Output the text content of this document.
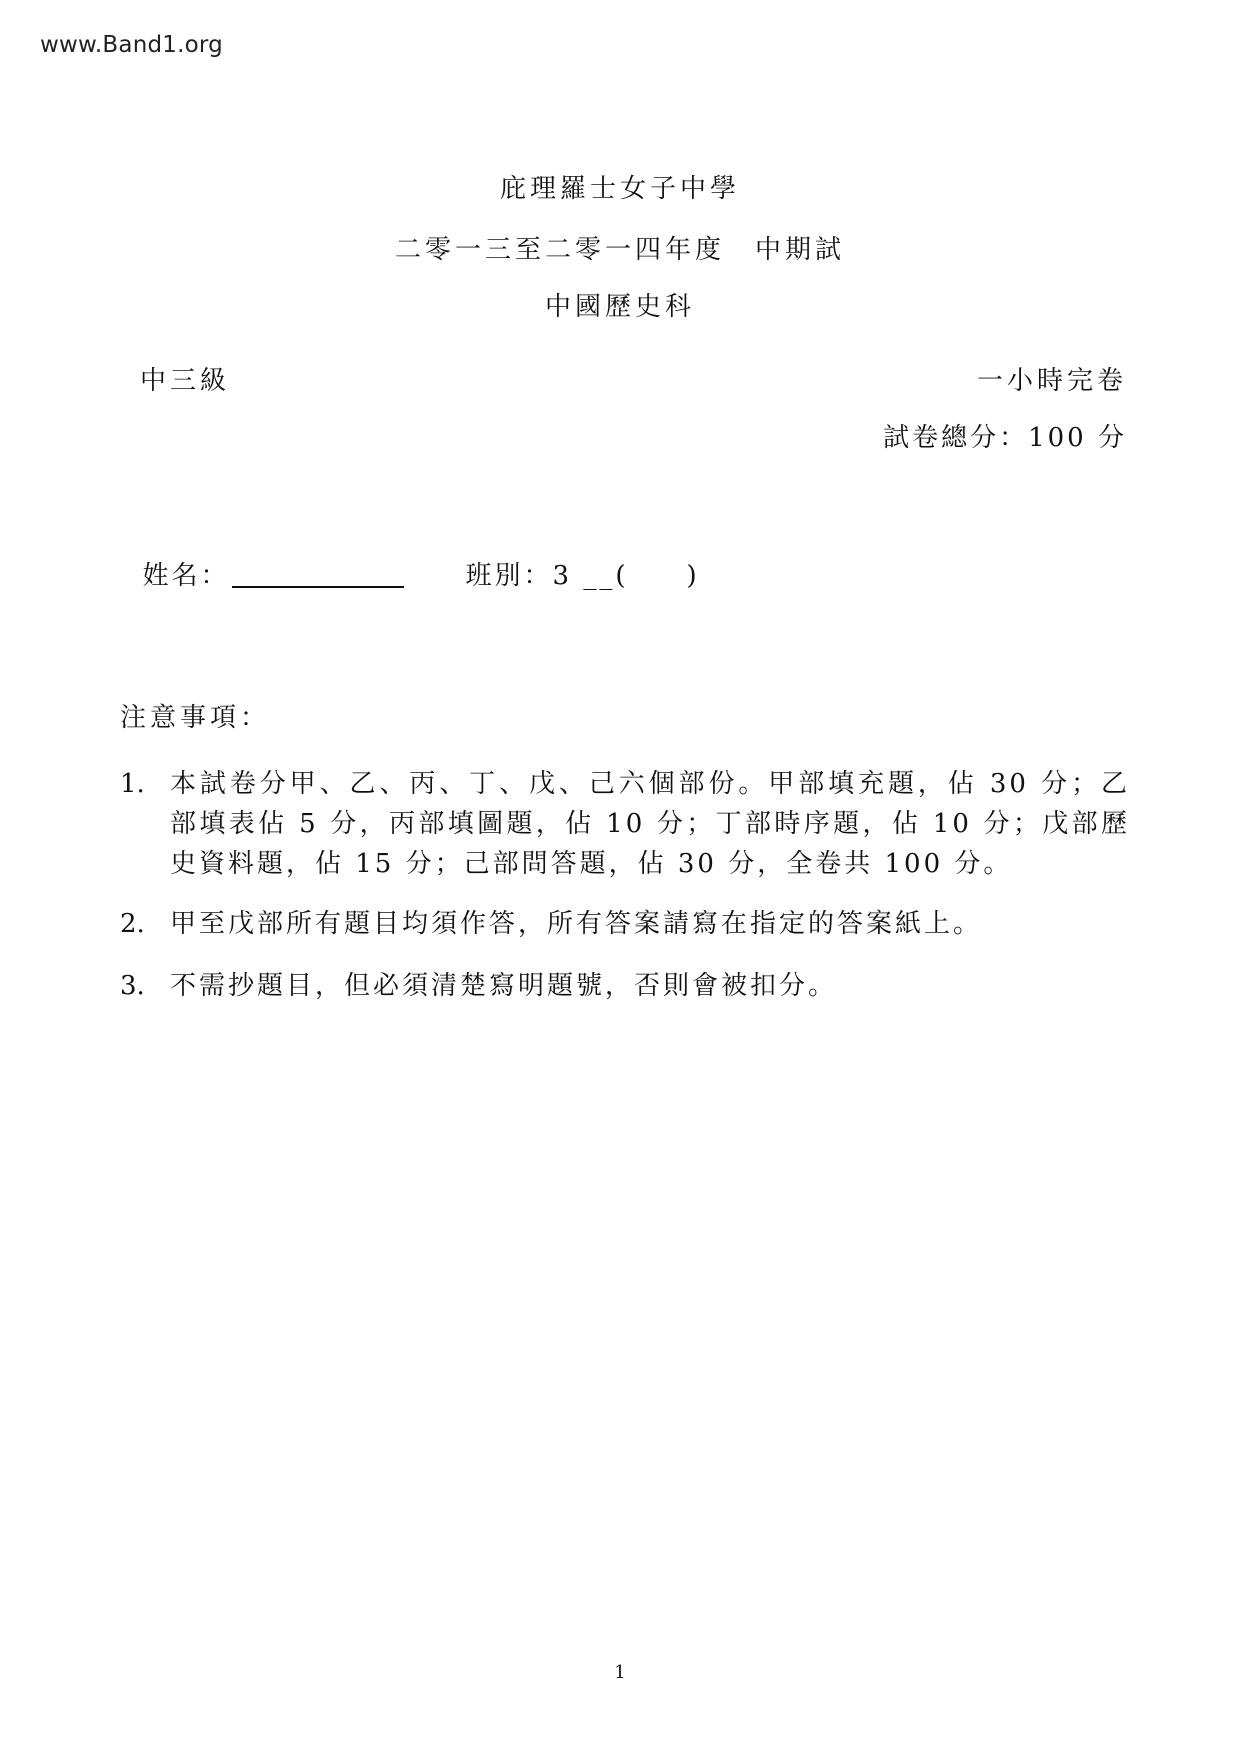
www.Band1.org
庇理羅士女子中學
二零一三至二零一四年度　中期試
中國歷史科
中三級	一小時完卷
試卷總分：100 分

姓名：	班別：3 __(　　)

注意事項：
1. 本試卷分甲、乙、丙、丁、戊、己六個部份。甲部填充題，佔 30 分；乙部填表佔 5 分，丙部填圖題，佔 10 分；丁部時序題，佔 10 分；戊部歷史資料題，佔 15 分；己部問答題，佔 30 分，全卷共 100 分。
2. 甲至戊部所有題目均須作答，所有答案請寫在指定的答案紙上。
3. 不需抄題目，但必須清楚寫明題號，否則會被扣分。
1
